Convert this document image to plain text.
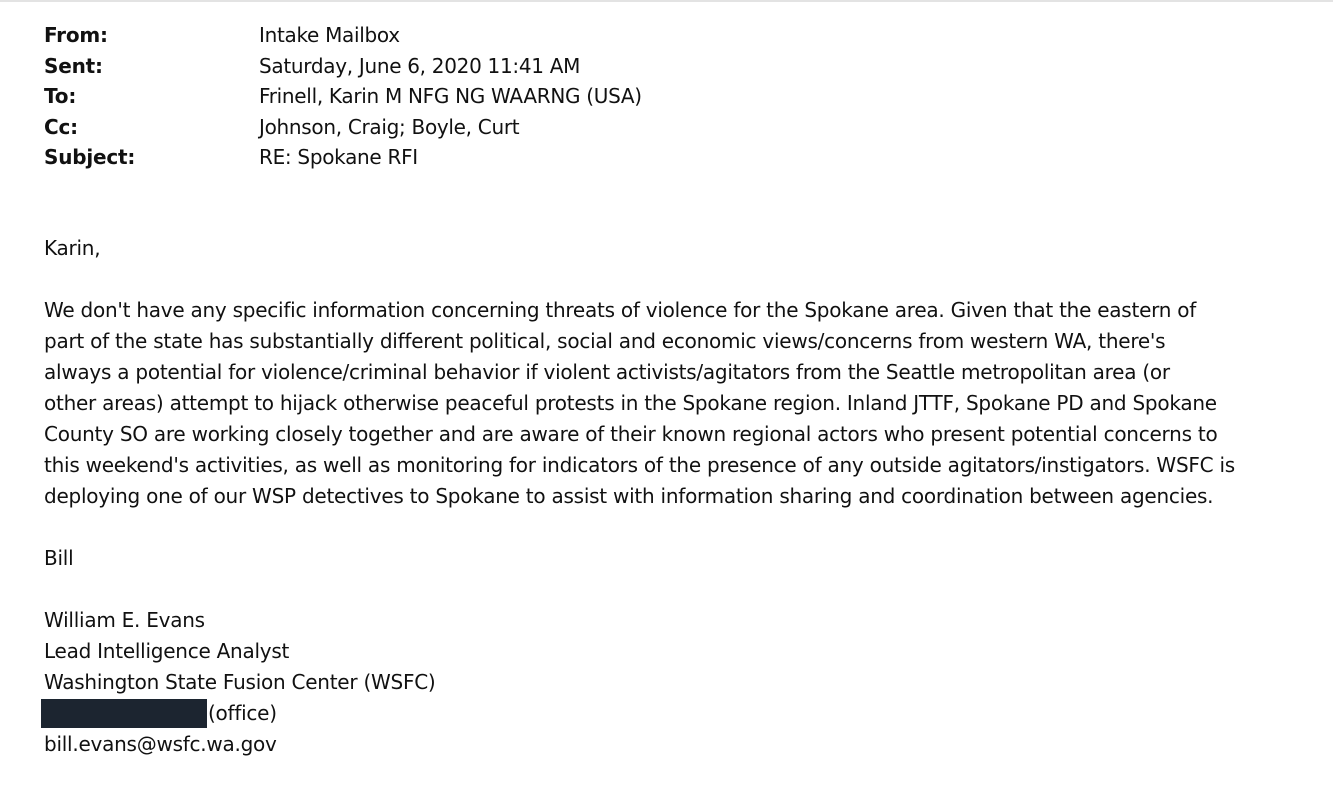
From:	Intake Mailbox
Sent:	Saturday, June 6, 2020 11:41 AM
To:	Frinell, Karin M NFG NG WAARNG (USA)
Cc:	Johnson, Craig; Boyle, Curt
Subject:	RE: Spokane RFI
Karin,
We don't have any specific information concerning threats of violence for the Spokane area. Given that the eastern of
part of the state has substantially different political, social and economic views/concerns from western WA, there's
always a potential for violence/criminal behavior if violent activists/agitators from the Seattle metropolitan area (or
other areas) attempt to hijack otherwise peaceful protests in the Spokane region. Inland JTTF, Spokane PD and Spokane
County SO are working closely together and are aware of their known regional actors who present potential concerns to
this weekend's activities, as well as monitoring for indicators of the presence of any outside agitators/instigators. WSFC is
deploying one of our WSP detectives to Spokane to assist with information sharing and coordination between agencies.
Bill
William E. Evans
Lead Intelligence Analyst
Washington State Fusion Center (WSFC)
(office)
bill.evans@wsfc.wa.gov
